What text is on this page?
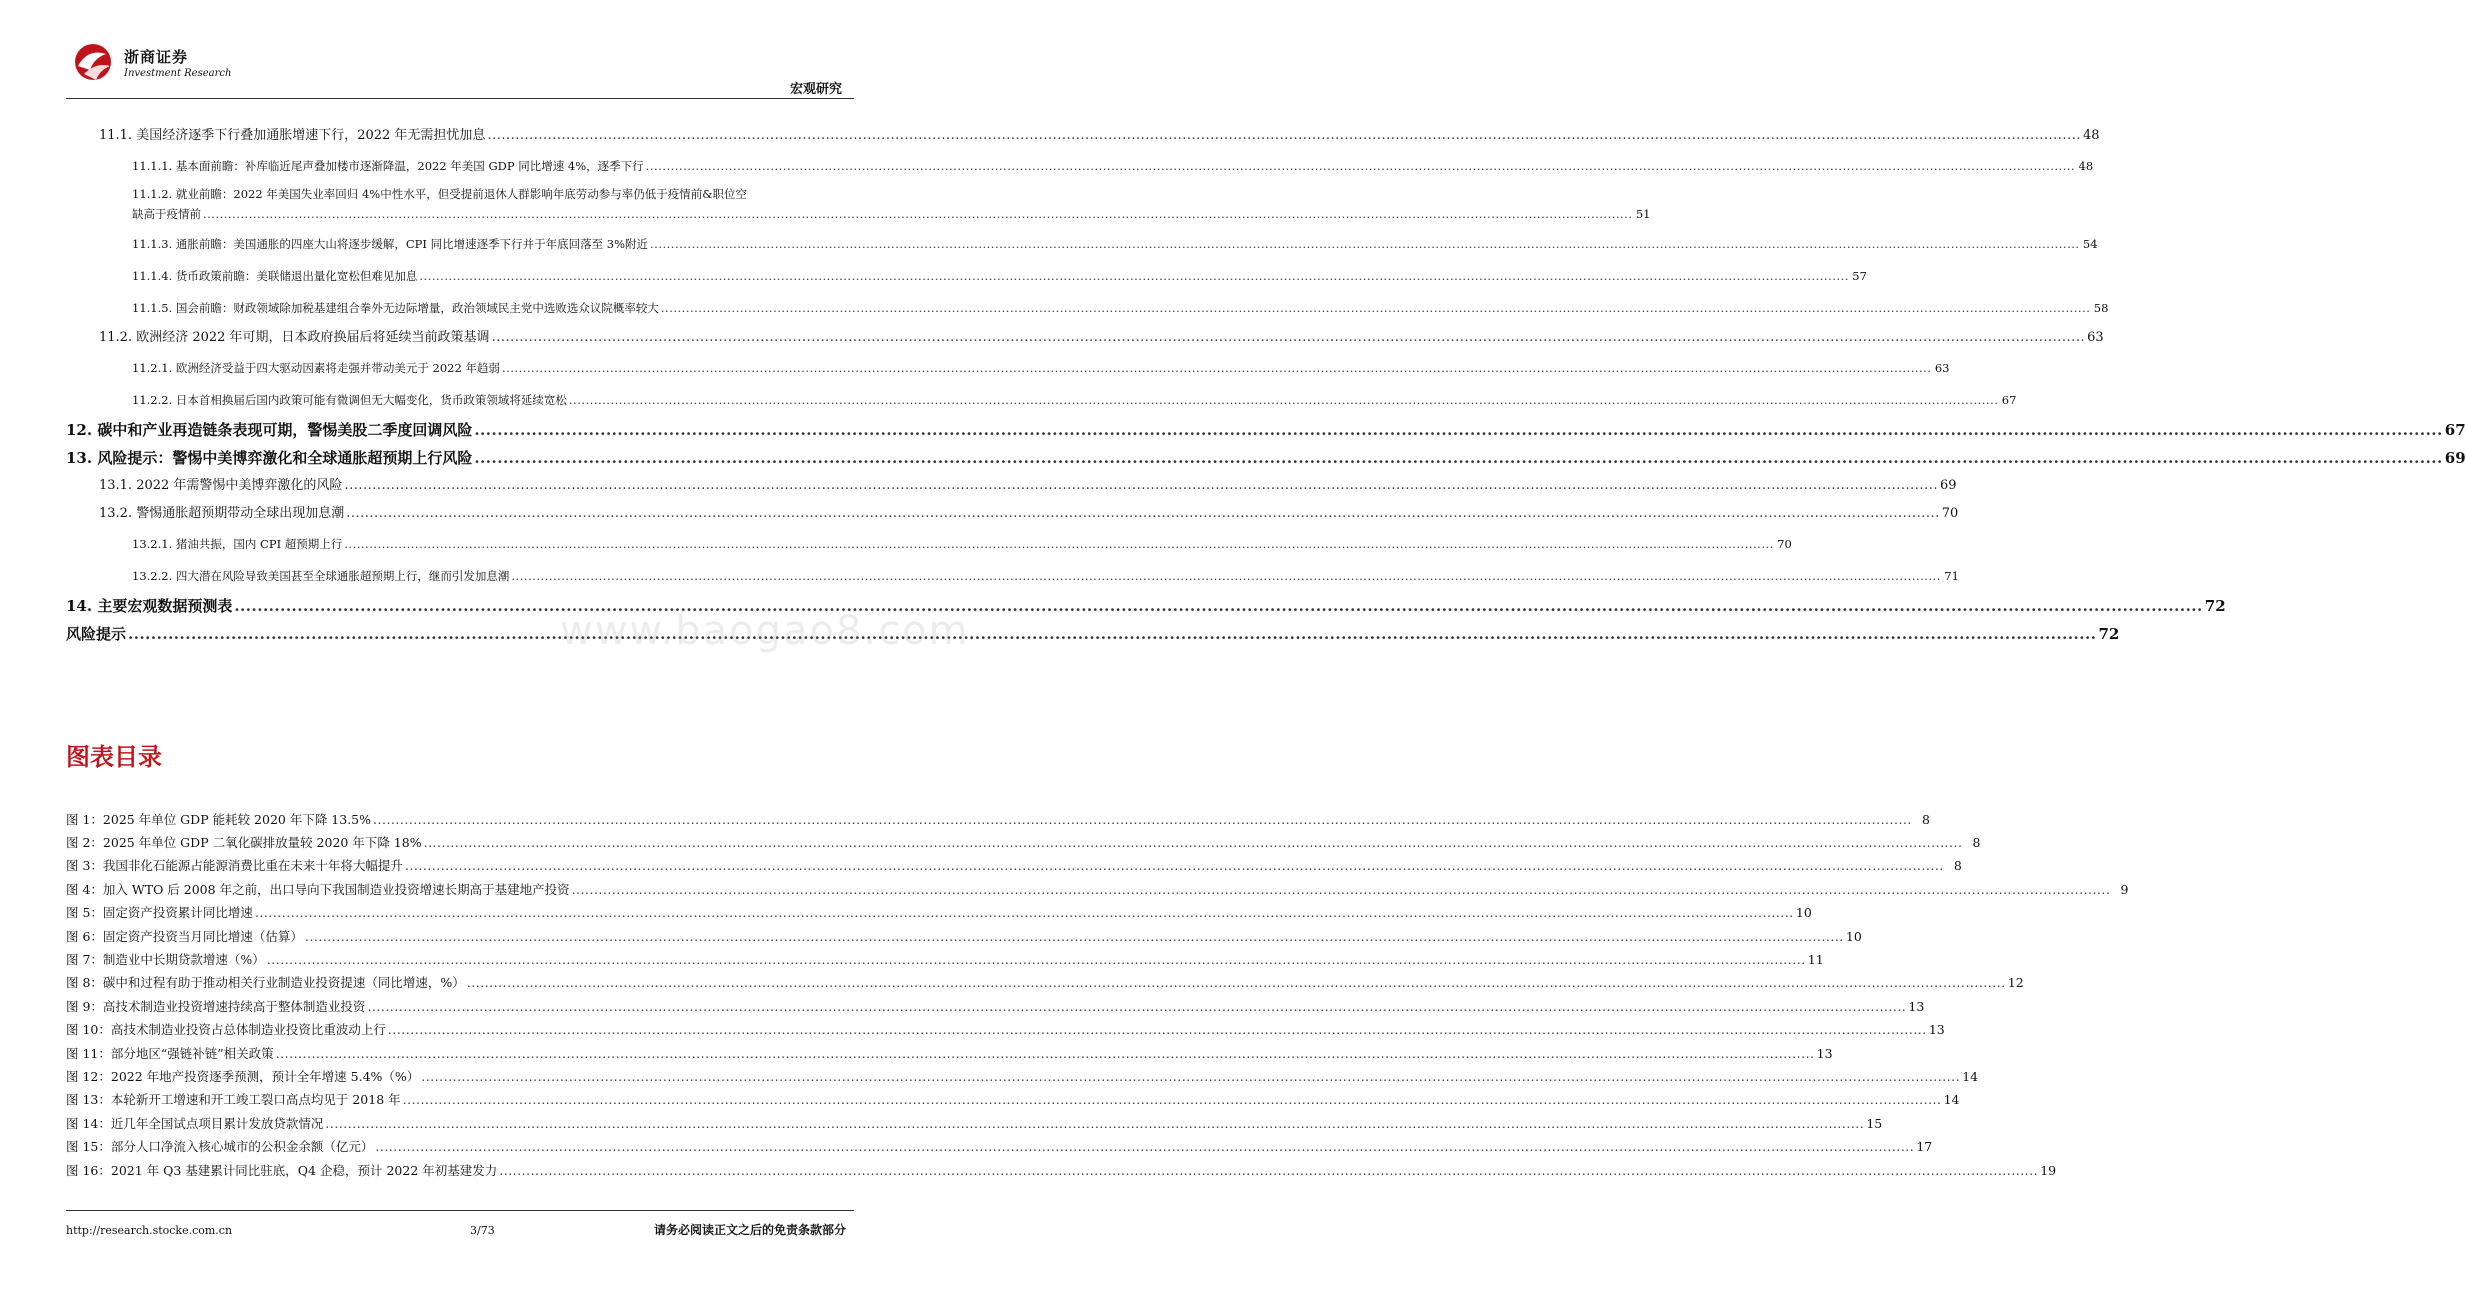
浙商证券
Investment Research
宏观研究
11.1. 美国经济逐季下行叠加通胀增速下行，2022 年无需担忧加息 .....	48
11.1.1. 基本面前瞻：补库临近尾声叠加楼市逐渐降温，2022 年美国 GDP 同比增速 4%，逐季下行 .....	48
11.1.2. 就业前瞻：2022 年美国失业率回归 4%中性水平，但受提前退休人群影响年底劳动参与率仍低于疫情前&职位空
缺高于疫情前 .....	51
11.1.3. 通胀前瞻：美国通胀的四座大山将逐步缓解，CPI 同比增速逐季下行并于年底回落至 3%附近 .....	54
11.1.4. 货币政策前瞻：美联储退出量化宽松但难见加息 .....	57
11.1.5. 国会前瞻：财政领域除加税基建组合拳外无边际增量，政治领域民主党中选败选众议院概率较大 .....	58
11.2. 欧洲经济 2022 年可期，日本政府换届后将延续当前政策基调 .....	63
11.2.1. 欧洲经济受益于四大驱动因素将走强并带动美元于 2022 年趋弱 .....	63
11.2.2. 日本首相换届后国内政策可能有微调但无大幅变化，货币政策领域将延续宽松 .....	67
12. 碳中和产业再造链条表现可期，警惕美股二季度回调风险 .....	67
13. 风险提示：警惕中美博弈激化和全球通胀超预期上行风险 .....	69
13.1. 2022 年需警惕中美博弈激化的风险 .....	69
13.2. 警惕通胀超预期带动全球出现加息潮 .....	70
13.2.1. 猪油共振，国内 CPI 超预期上行 .....	70
13.2.2. 四大潜在风险导致美国甚至全球通胀超预期上行，继而引发加息潮 .....	71
14. 主要宏观数据预测表 .....	72
风险提示 .....	72
www.baogao8.com
图表目录
图 1：2025 年单位 GDP 能耗较 2020 年下降 13.5% .....	8
图 2：2025 年单位 GDP 二氧化碳排放量较 2020 年下降 18% .....	8
图 3：我国非化石能源占能源消费比重在未来十年将大幅提升 .....	8
图 4：加入 WTO 后 2008 年之前，出口导向下我国制造业投资增速长期高于基建地产投资 .....	9
图 5：固定资产投资累计同比增速 .....	10
图 6：固定资产投资当月同比增速（估算） .....	10
图 7：制造业中长期贷款增速（%） .....	11
图 8：碳中和过程有助于推动相关行业制造业投资提速（同比增速，%） .....	12
图 9：高技术制造业投资增速持续高于整体制造业投资 .....	13
图 10：高技术制造业投资占总体制造业投资比重波动上行 .....	13
图 11：部分地区“强链补链”相关政策 .....	13
图 12：2022 年地产投资逐季预测，预计全年增速 5.4%（%） .....	14
图 13：本轮新开工增速和开工竣工裂口高点均见于 2018 年 .....	14
图 14：近几年全国试点项目累计发放贷款情况 .....	15
图 15：部分人口净流入核心城市的公积金余额（亿元） .....	17
图 16：2021 年 Q3 基建累计同比驻底，Q4 企稳，预计 2022 年初基建发力 .....	19
http://research.stocke.com.cn	3/73	请务必阅读正文之后的免责条款部分
